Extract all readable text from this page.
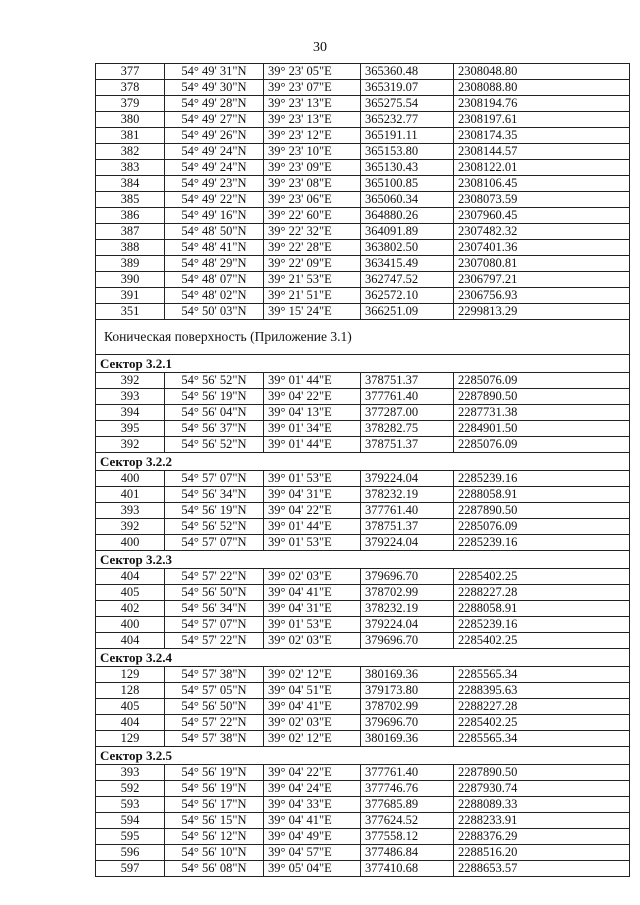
30
377	54° 49' 31"N	39° 23' 05"E	365360.48	2308048.80
378	54° 49' 30"N	39° 23' 07"E	365319.07	2308088.80
379	54° 49' 28"N	39° 23' 13"E	365275.54	2308194.76
380	54° 49' 27"N	39° 23' 13"E	365232.77	2308197.61
381	54° 49' 26"N	39° 23' 12"E	365191.11	2308174.35
382	54° 49' 24"N	39° 23' 10"E	365153.80	2308144.57
383	54° 49' 24"N	39° 23' 09"E	365130.43	2308122.01
384	54° 49' 23"N	39° 23' 08"E	365100.85	2308106.45
385	54° 49' 22"N	39° 23' 06"E	365060.34	2308073.59
386	54° 49' 16"N	39° 22' 60"E	364880.26	2307960.45
387	54° 48' 50"N	39° 22' 32"E	364091.89	2307482.32
388	54° 48' 41"N	39° 22' 28"E	363802.50	2307401.36
389	54° 48' 29"N	39° 22' 09"E	363415.49	2307080.81
390	54° 48' 07"N	39° 21' 53"E	362747.52	2306797.21
391	54° 48' 02"N	39° 21' 51"E	362572.10	2306756.93
351	54° 50' 03"N	39° 15' 24"E	366251.09	2299813.29
Коническая поверхность (Приложение 3.1)				
Сектор 3.2.1				
392	54° 56' 52"N	39° 01' 44"E	378751.37	2285076.09
393	54° 56' 19"N	39° 04' 22"E	377761.40	2287890.50
394	54° 56' 04"N	39° 04' 13"E	377287.00	2287731.38
395	54° 56' 37"N	39° 01' 34"E	378282.75	2284901.50
392	54° 56' 52"N	39° 01' 44"E	378751.37	2285076.09
Сектор 3.2.2				
400	54° 57' 07"N	39° 01' 53"E	379224.04	2285239.16
401	54° 56' 34"N	39° 04' 31"E	378232.19	2288058.91
393	54° 56' 19"N	39° 04' 22"E	377761.40	2287890.50
392	54° 56' 52"N	39° 01' 44"E	378751.37	2285076.09
400	54° 57' 07"N	39° 01' 53"E	379224.04	2285239.16
Сектор 3.2.3				
404	54° 57' 22"N	39° 02' 03"E	379696.70	2285402.25
405	54° 56' 50"N	39° 04' 41"E	378702.99	2288227.28
402	54° 56' 34"N	39° 04' 31"E	378232.19	2288058.91
400	54° 57' 07"N	39° 01' 53"E	379224.04	2285239.16
404	54° 57' 22"N	39° 02' 03"E	379696.70	2285402.25
Сектор 3.2.4				
129	54° 57' 38"N	39° 02' 12"E	380169.36	2285565.34
128	54° 57' 05"N	39° 04' 51"E	379173.80	2288395.63
405	54° 56' 50"N	39° 04' 41"E	378702.99	2288227.28
404	54° 57' 22"N	39° 02' 03"E	379696.70	2285402.25
129	54° 57' 38"N	39° 02' 12"E	380169.36	2285565.34
Сектор 3.2.5				
393	54° 56' 19"N	39° 04' 22"E	377761.40	2287890.50
592	54° 56' 19"N	39° 04' 24"E	377746.76	2287930.74
593	54° 56' 17"N	39° 04' 33"E	377685.89	2288089.33
594	54° 56' 15"N	39° 04' 41"E	377624.52	2288233.91
595	54° 56' 12"N	39° 04' 49"E	377558.12	2288376.29
596	54° 56' 10"N	39° 04' 57"E	377486.84	2288516.20
597	54° 56' 08"N	39° 05' 04"E	377410.68	2288653.57
